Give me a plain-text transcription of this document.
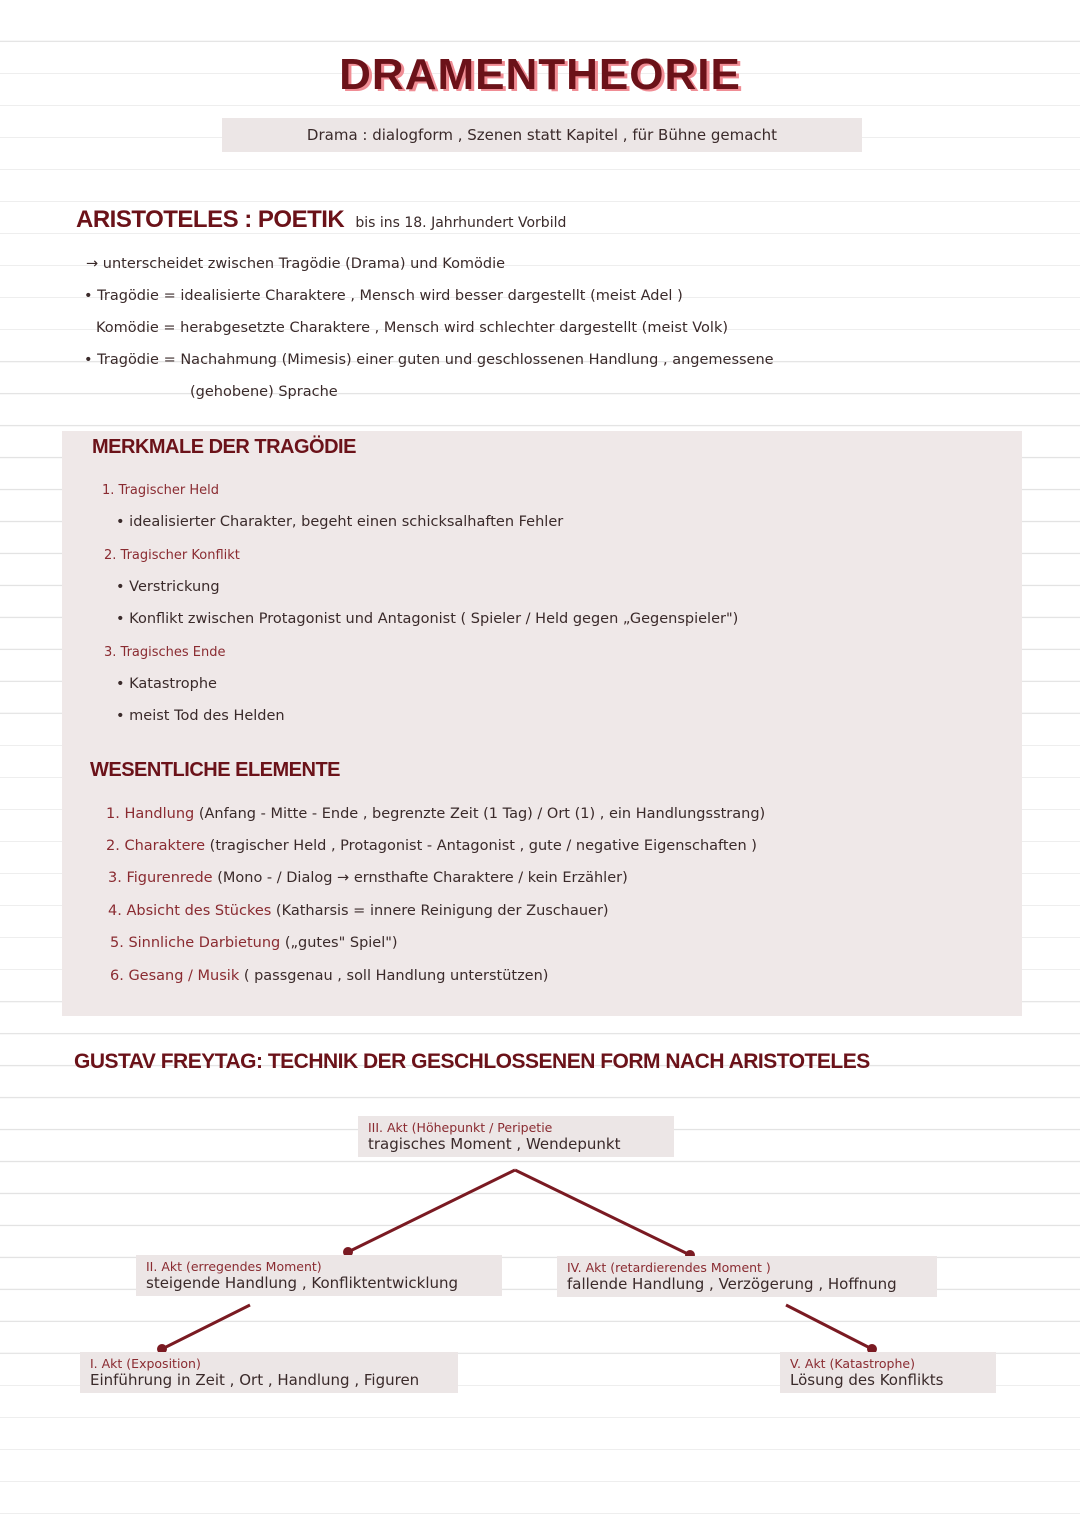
DRAMENTHEORIE
Drama : dialogform , Szenen statt Kapitel , für Bühne gemacht
ARISTOTELES : POETIK bis ins 18. Jahrhundert Vorbild
→ unterscheidet zwischen Tragödie (Drama) und Komödie
• Tragödie = idealisierte Charaktere , Mensch wird besser dargestellt (meist Adel )
Komödie = herabgesetzte Charaktere , Mensch wird schlechter dargestellt (meist Volk)
• Tragödie = Nachahmung (Mimesis) einer guten und geschlossenen Handlung , angemessene
(gehobene) Sprache
MERKMALE DER TRAGÖDIE
1. Tragischer Held
• idealisierter Charakter, begeht einen schicksalhaften Fehler
2. Tragischer Konflikt
• Verstrickung
• Konflikt zwischen Protagonist und Antagonist ( Spieler / Held gegen „Gegenspieler")
3. Tragisches Ende
• Katastrophe
• meist Tod des Helden
WESENTLICHE ELEMENTE
1. Handlung (Anfang - Mitte - Ende , begrenzte Zeit (1 Tag) / Ort (1) , ein Handlungsstrang)
2. Charaktere (tragischer Held , Protagonist - Antagonist , gute / negative Eigenschaften )
3. Figurenrede (Mono - / Dialog → ernsthafte Charaktere / kein Erzähler)
4. Absicht des Stückes (Katharsis = innere Reinigung der Zuschauer)
5. Sinnliche Darbietung („gutes" Spiel")
6. Gesang / Musik ( passgenau , soll Handlung unterstützen)
GUSTAV FREYTAG: TECHNIK DER GESCHLOSSENEN FORM NACH ARISTOTELES
III. Akt (Höhepunkt / Peripetie
tragisches Moment , Wendepunkt
II. Akt (erregendes Moment)
steigende Handlung , Konfliktentwicklung
IV. Akt (retardierendes Moment )
fallende Handlung , Verzögerung , Hoffnung
I. Akt (Exposition)
Einführung in Zeit , Ort , Handlung , Figuren
V. Akt (Katastrophe)
Lösung des Konflikts
